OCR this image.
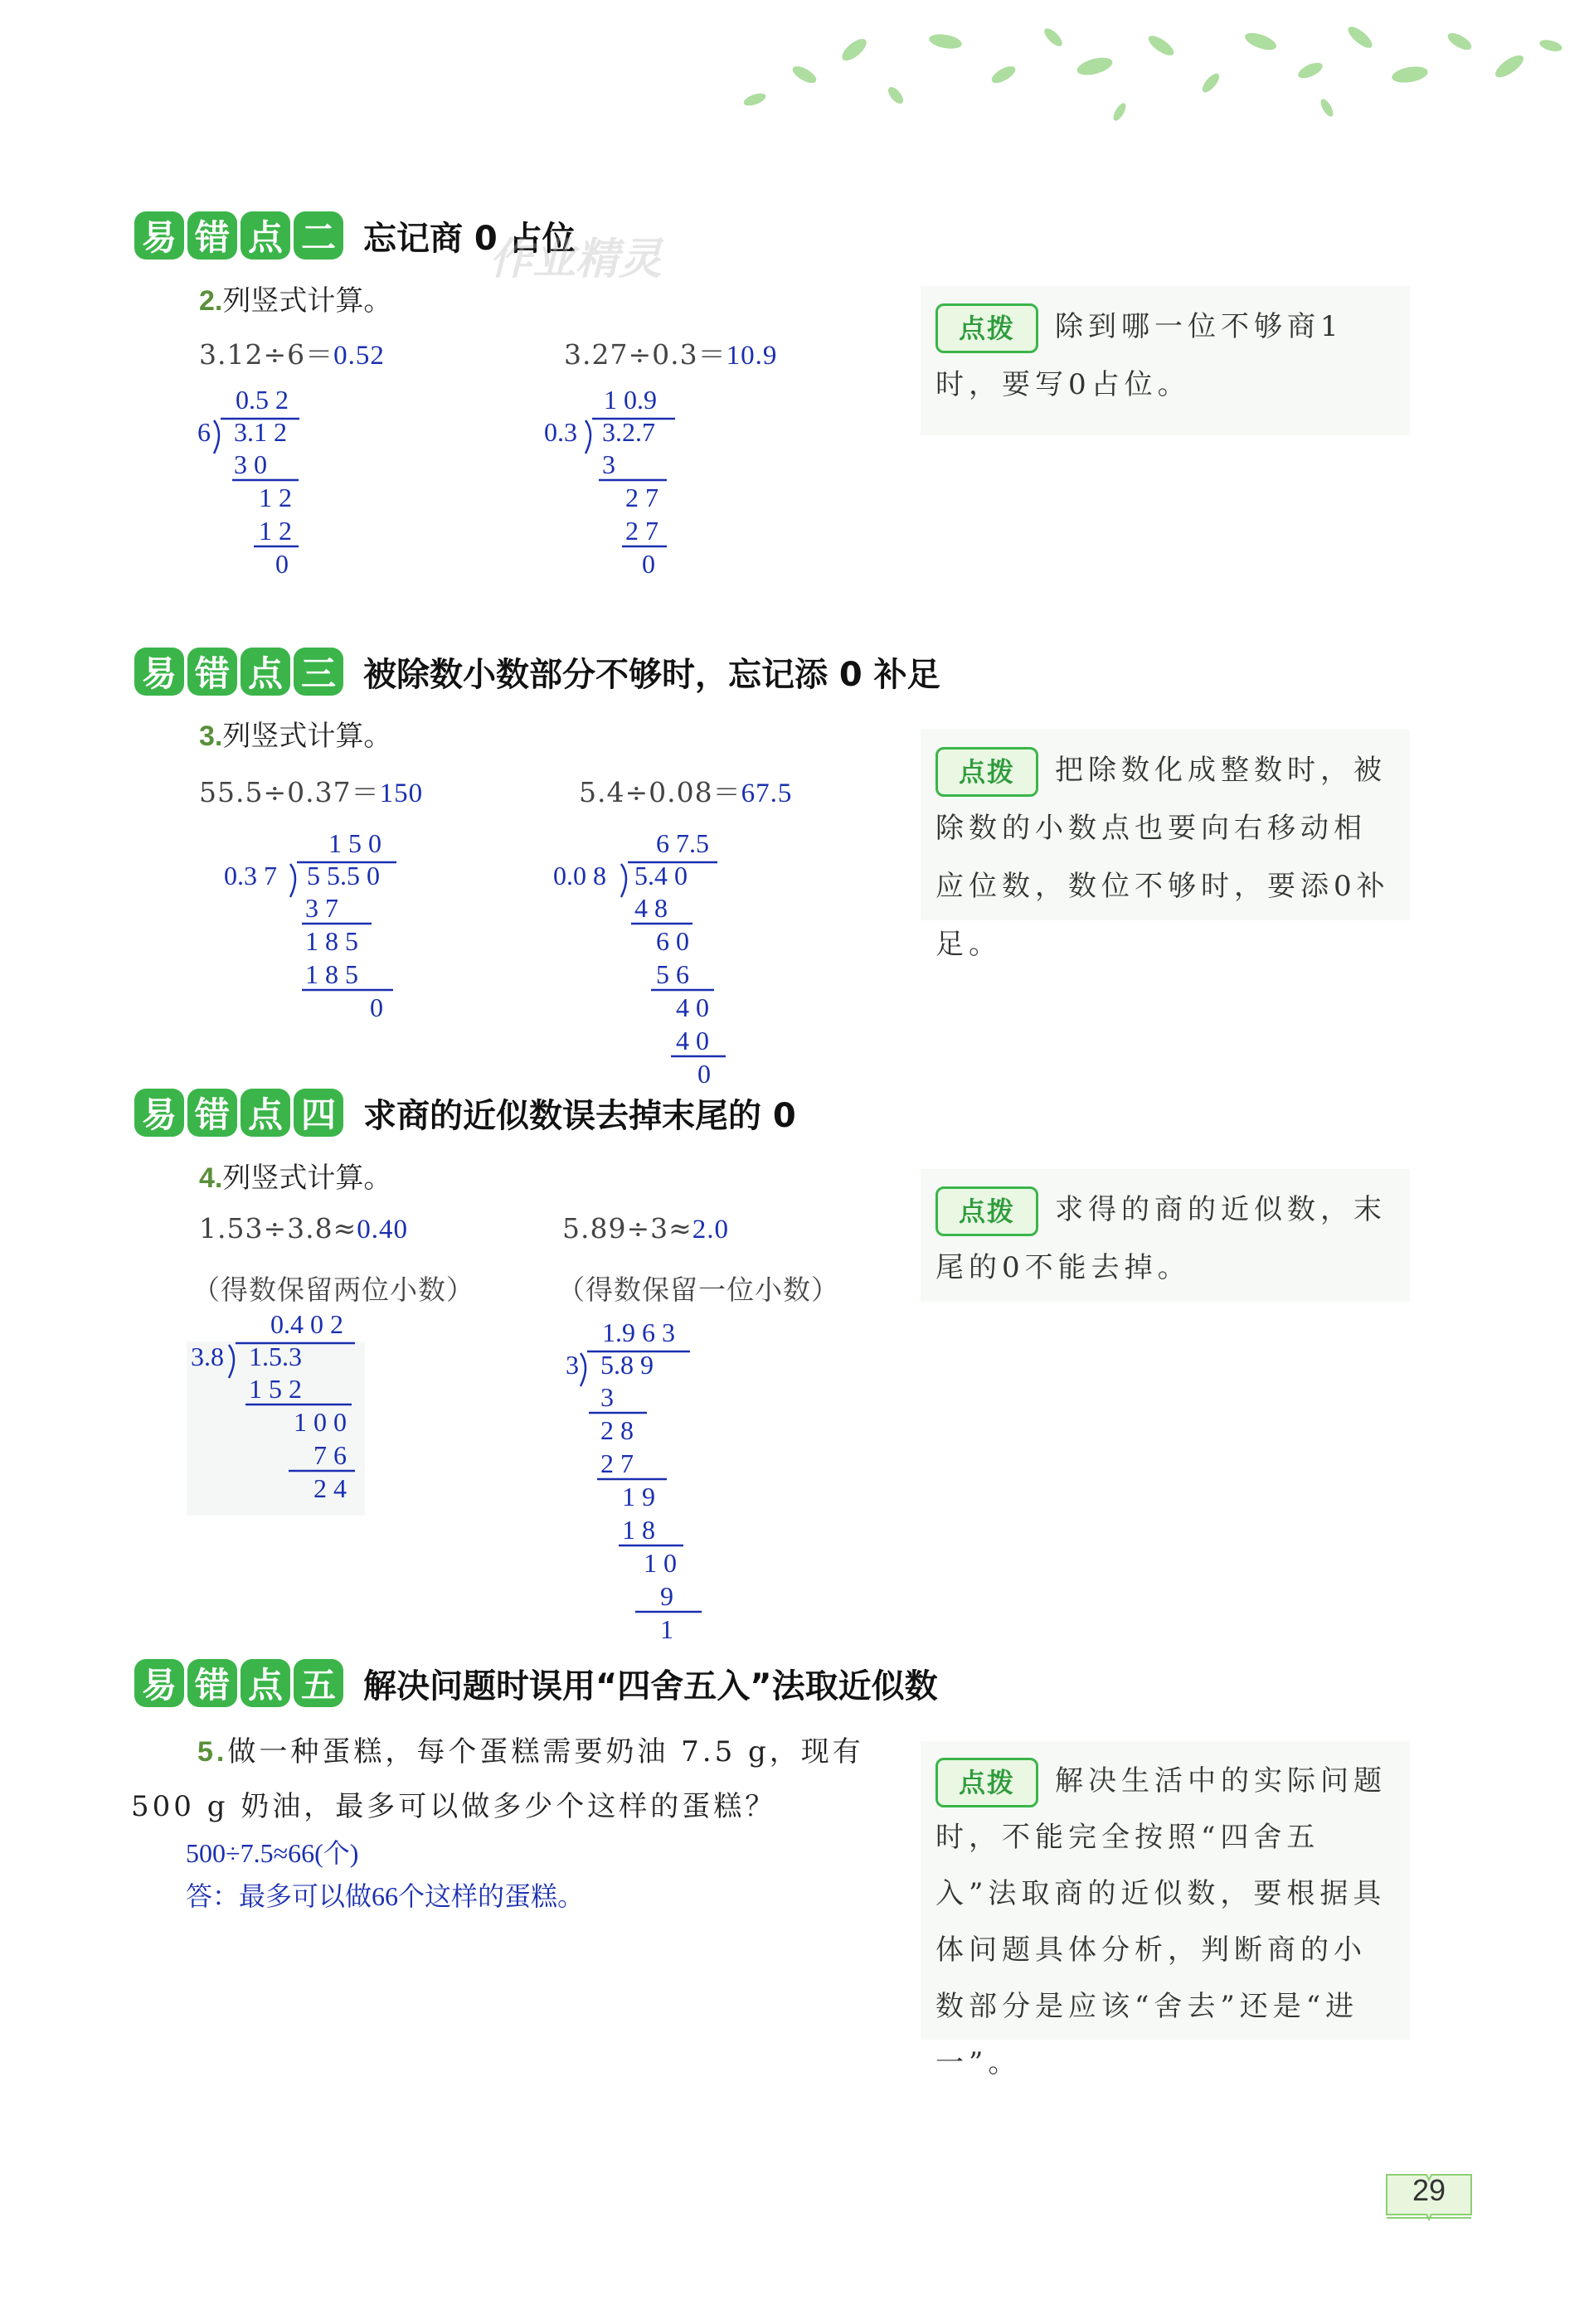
易 错 点 二 忘记商 0 占位
作业精灵
2.列竖式计算。
3.12÷6＝0.52	3.27÷0.3＝10.9
0.5 2
6 3.1 2
3 0
1 2
1 2
0
1 0.9
0.3 3.2.7
3
2 7
2 7
0
点拨 除到哪一位不够商1时，要写0占位。
易 错 点 三 被除数小数部分不够时，忘记添 0 补足
3.列竖式计算。
55.5÷0.37＝150	5.4÷0.08＝67.5
1 5 0
0.3 7 5 5.5 0
3 7
1 8 5
1 8 5
0
6 7.5
0.0 8 5.4 0
4 8
6 0
5 6
4 0
4 0
0
点拨 把除数化成整数时，被除数的小数点也要向右移动相应位数，数位不够时，要添0补足。
易 错 点 四 求商的近似数误去掉末尾的 0
4.列竖式计算。
1.53÷3.8≈0.40	5.89÷3≈2.0
（得数保留两位小数）	（得数保留一位小数）
0.4 0 2
3.8 1.5.3
1 5 2
1 0 0
7 6
2 4
1.9 6 3
3 5.8 9
3
2 8
2 7
1 9
1 8
1 0
9
1
点拨 求得的商的近似数，末尾的0不能去掉。
易 错 点 五 解决问题时误用“四舍五入”法取近似数
5.做一种蛋糕，每个蛋糕需要奶油 7.5 g，现有 500 g 奶油，最多可以做多少个这样的蛋糕？
500÷7.5≈66(个)
答：最多可以做66个这样的蛋糕。
点拨 解决生活中的实际问题时，不能完全按照“四舍五入”法取商的近似数，要根据具体问题具体分析，判断商的小数部分是应该“舍去”还是“进一”。
29
